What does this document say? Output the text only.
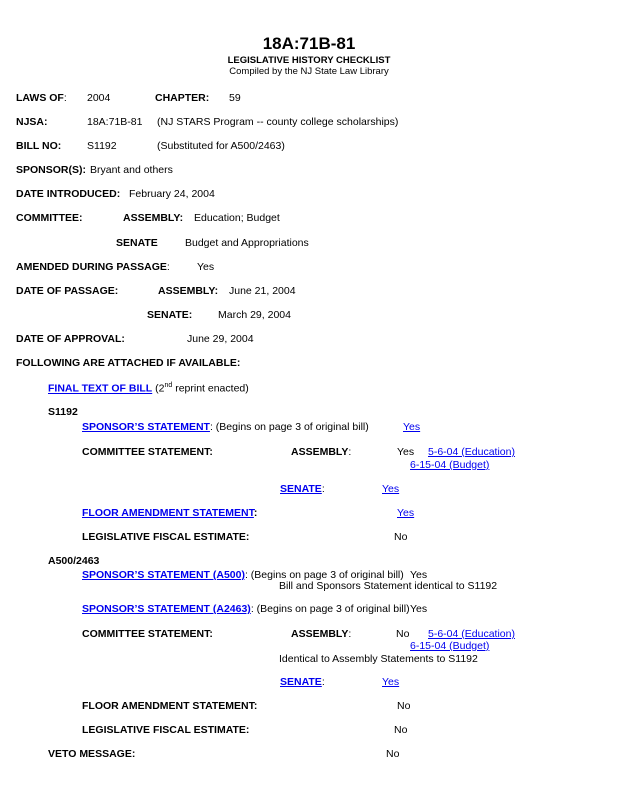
18A:71B-81
LEGISLATIVE HISTORY CHECKLIST
Compiled by the NJ State Law Library
LAWS OF: 2004	CHAPTER: 59
NJSA:	18A:71B-81 (NJ STARS Program -- county college scholarships)
BILL NO: S1192	(Substituted for A500/2463)
SPONSOR(S): Bryant and others
DATE INTRODUCED: February 24, 2004
COMMITTEE:	ASSEMBLY: Education; Budget
SENATE	Budget and Appropriations
AMENDED DURING PASSAGE:	Yes
DATE OF PASSAGE:	ASSEMBLY: June 21, 2004
SENATE: March 29, 2004
DATE OF APPROVAL:	June 29, 2004
FOLLOWING ARE ATTACHED IF AVAILABLE:
FINAL TEXT OF BILL (2nd reprint enacted)
S1192
SPONSOR’S STATEMENT: (Begins on page 3 of original bill)	Yes
COMMITTEE STATEMENT:	ASSEMBLY:	Yes 5-6-04 (Education)
6-15-04 (Budget)
SENATE:	Yes
FLOOR AMENDMENT STATEMENT:	Yes
LEGISLATIVE FISCAL ESTIMATE:	No
A500/2463
SPONSOR’S STATEMENT (A500): (Begins on page 3 of original bill) Yes
Bill and Sponsors Statement identical to S1192
SPONSOR’S STATEMENT (A2463): (Begins on page 3 of original bill) Yes
COMMITTEE STATEMENT:	ASSEMBLY:	No 5-6-04 (Education)
6-15-04 (Budget)
Identical to Assembly Statements to S1192
SENATE:	Yes
FLOOR AMENDMENT STATEMENT:	No
LEGISLATIVE FISCAL ESTIMATE:	No
VETO MESSAGE:	No
